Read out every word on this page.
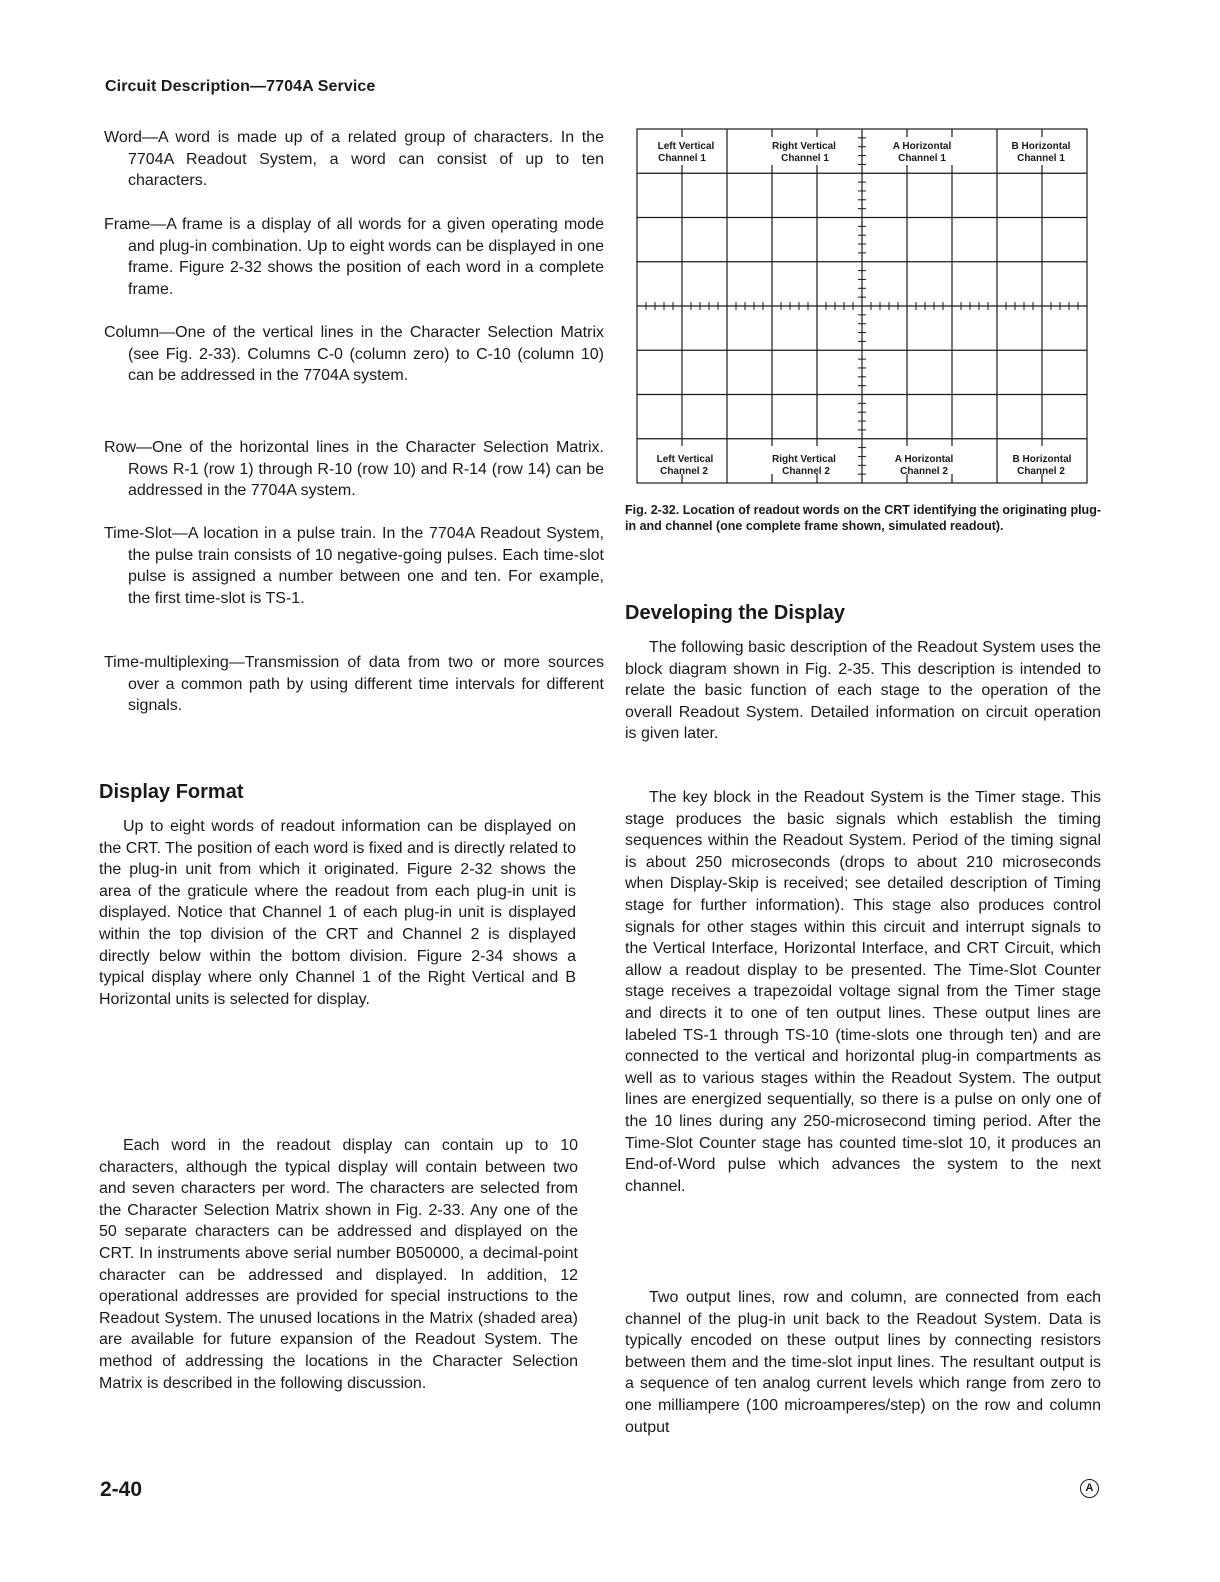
Circuit Description—7704A Service
Word—A word is made up of a related group of characters. In the 7704A Readout System, a word can consist of up to ten characters.
Frame—A frame is a display of all words for a given operating mode and plug-in combination. Up to eight words can be displayed in one frame. Figure 2-32 shows the position of each word in a complete frame.
Column—One of the vertical lines in the Character Selection Matrix (see Fig. 2-33). Columns C-0 (column zero) to C-10 (column 10) can be addressed in the 7704A system.
Row—One of the horizontal lines in the Character Selection Matrix. Rows R-1 (row 1) through R-10 (row 10) and R-14 (row 14) can be addressed in the 7704A system.
Time-Slot—A location in a pulse train. In the 7704A Readout System, the pulse train consists of 10 negative-going pulses. Each time-slot pulse is assigned a number between one and ten. For example, the first time-slot is TS-1.
Time-multiplexing—Transmission of data from two or more sources over a common path by using different time intervals for different signals.
Display Format
Up to eight words of readout information can be displayed on the CRT. The position of each word is fixed and is directly related to the plug-in unit from which it originated. Figure 2-32 shows the area of the graticule where the readout from each plug-in unit is displayed. Notice that Channel 1 of each plug-in unit is displayed within the top division of the CRT and Channel 2 is displayed directly below within the bottom division. Figure 2-34 shows a typical display where only Channel 1 of the Right Vertical and B Horizontal units is selected for display.
Each word in the readout display can contain up to 10 characters, although the typical display will contain between two and seven characters per word. The characters are selected from the Character Selection Matrix shown in Fig. 2-33. Any one of the 50 separate characters can be addressed and displayed on the CRT. In instruments above serial number B050000, a decimal-point character can be addressed and displayed. In addition, 12 operational addresses are provided for special instructions to the Readout System. The unused locations in the Matrix (shaded area) are available for future expansion of the Readout System. The method of addressing the locations in the Character Selection Matrix is described in the following discussion.
Left Vertical
Channel 1
Right Vertical
Channel 1
A Horizontal
Channel 1
B Horizontal
Channel 1
Left Vertical
Channel 2
Right Vertical
Channel 2
A Horizontal
Channel 2
B Horizontal
Channel 2
Fig. 2-32. Location of readout words on the CRT identifying the originating plug-in and channel (one complete frame shown, simulated readout).
Developing the Display
The following basic description of the Readout System uses the block diagram shown in Fig. 2-35. This description is intended to relate the basic function of each stage to the operation of the overall Readout System. Detailed information on circuit operation is given later.
The key block in the Readout System is the Timer stage. This stage produces the basic signals which establish the timing sequences within the Readout System. Period of the timing signal is about 250 microseconds (drops to about 210 microseconds when Display-Skip is received; see detailed description of Timing stage for further information). This stage also produces control signals for other stages within this circuit and interrupt signals to the Vertical Interface, Horizontal Interface, and CRT Circuit, which allow a readout display to be presented. The Time-Slot Counter stage receives a trapezoidal voltage signal from the Timer stage and directs it to one of ten output lines. These output lines are labeled TS-1 through TS-10 (time-slots one through ten) and are connected to the vertical and horizontal plug-in compartments as well as to various stages within the Readout System. The output lines are energized sequentially, so there is a pulse on only one of the 10 lines during any 250-microsecond timing period. After the Time-Slot Counter stage has counted time-slot 10, it produces an End-of-Word pulse which advances the system to the next channel.
Two output lines, row and column, are connected from each channel of the plug-in unit back to the Readout System. Data is typically encoded on these output lines by connecting resistors between them and the time-slot input lines. The resultant output is a sequence of ten analog current levels which range from zero to one milliampere (100 microamperes/step) on the row and column output
2-40	A
